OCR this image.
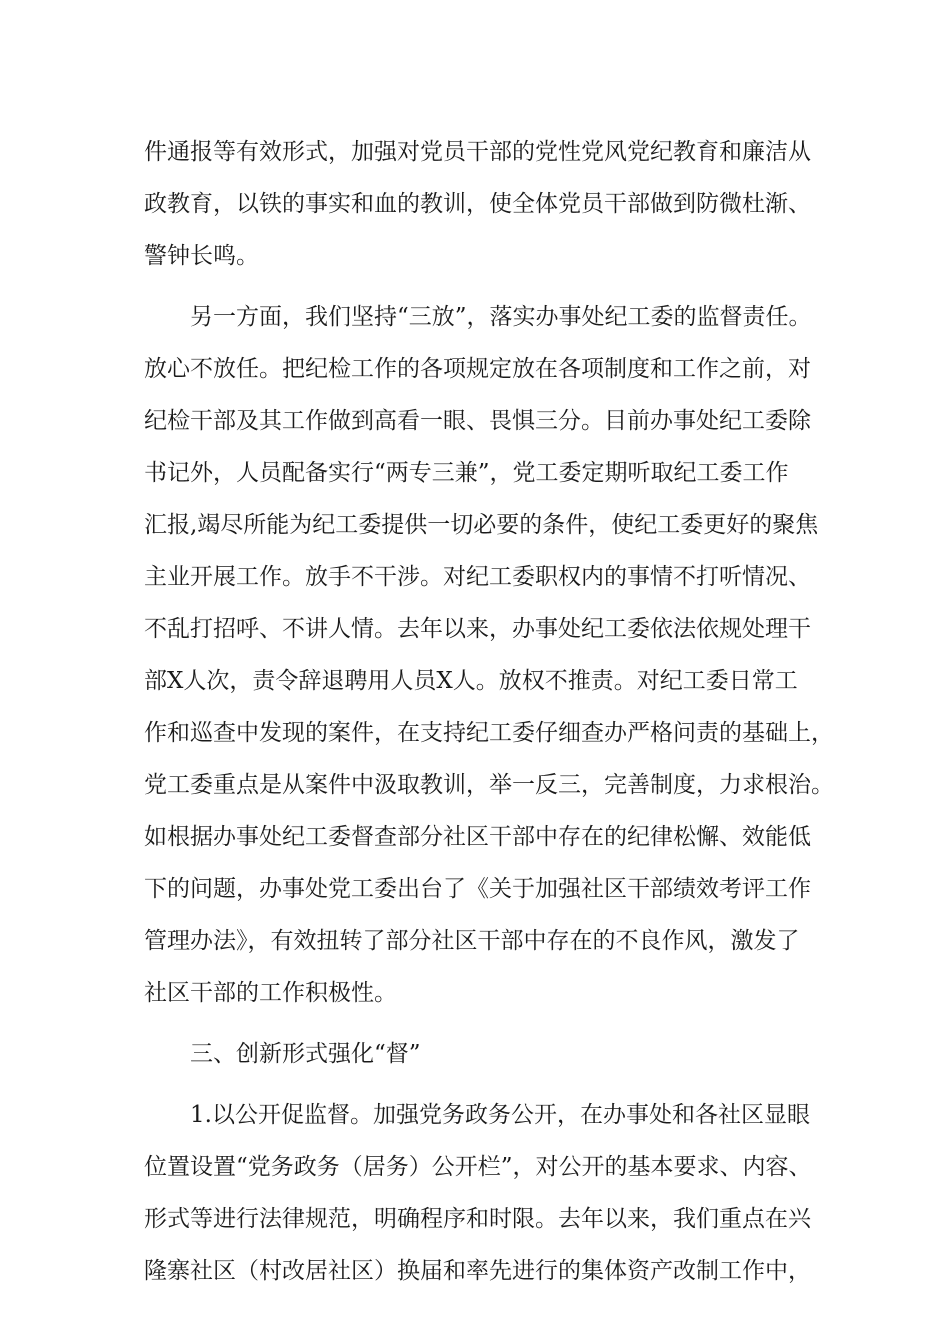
件通报等有效形式，加强对党员干部的党性党风党纪教育和廉洁从
政教育，以铁的事实和血的教训，使全体党员干部做到防微杜渐、
警钟长鸣。
另一方面，我们坚持“三放”，落实办事处纪工委的监督责任。
放心不放任。把纪检工作的各项规定放在各项制度和工作之前，对
纪检干部及其工作做到高看一眼、畏惧三分。目前办事处纪工委除
书记外，人员配备实行“两专三兼”，党工委定期听取纪工委工作
汇报,竭尽所能为纪工委提供一切必要的条件，使纪工委更好的聚焦
主业开展工作。放手不干涉。对纪工委职权内的事情不打听情况、
不乱打招呼、不讲人情。去年以来，办事处纪工委依法依规处理干
部X人次，责令辞退聘用人员X人。放权不推责。对纪工委日常工
作和巡查中发现的案件，在支持纪工委仔细查办严格问责的基础上，
党工委重点是从案件中汲取教训，举一反三，完善制度，力求根治。
如根据办事处纪工委督查部分社区干部中存在的纪律松懈、效能低
下的问题，办事处党工委出台了《关于加强社区干部绩效考评工作
管理办法》，有效扭转了部分社区干部中存在的不良作风，激发了
社区干部的工作积极性。
三、创新形式强化“督”
1.以公开促监督。加强党务政务公开，在办事处和各社区显眼
位置设置“党务政务（居务）公开栏”，对公开的基本要求、内容、
形式等进行法律规范，明确程序和时限。去年以来，我们重点在兴
隆寨社区（村改居社区）换届和率先进行的集体资产改制工作中，
